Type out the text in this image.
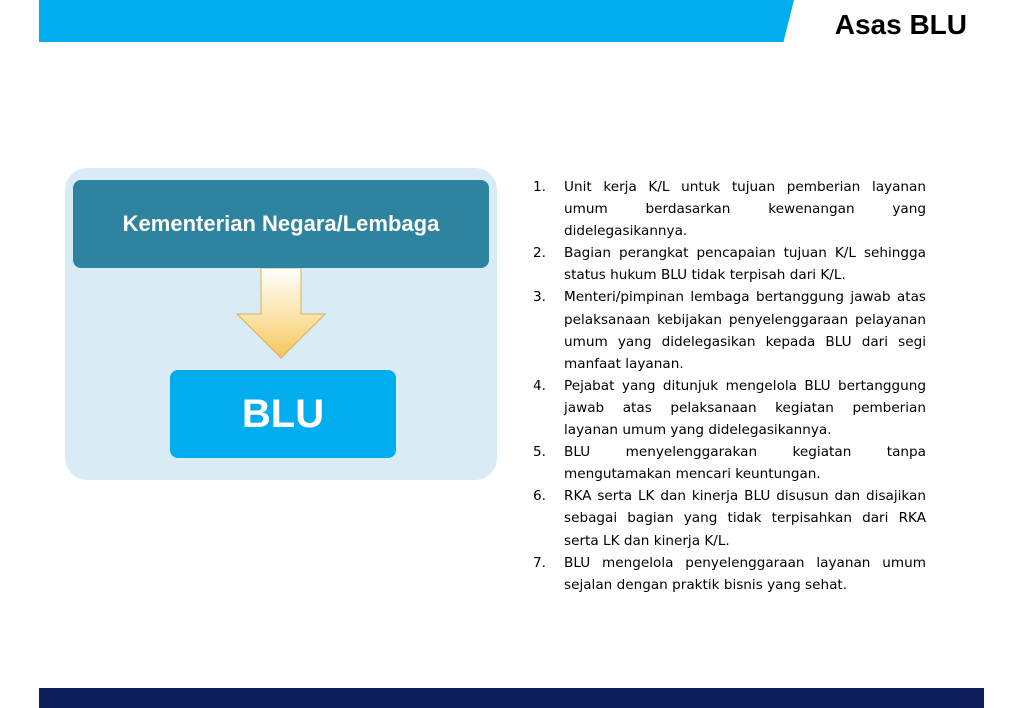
Asas BLU
Kementerian Negara/Lembaga
BLU
1. Unit kerja K/L untuk tujuan pemberian layanan umum berdasarkan kewenangan yang didelegasikannya.
2. Bagian perangkat pencapaian tujuan K/L sehingga status hukum BLU tidak terpisah dari K/L.
3. Menteri/pimpinan lembaga bertanggung jawab atas pelaksanaan kebijakan penyelenggaraan pelayanan umum yang didelegasikan kepada BLU dari segi manfaat layanan.
4. Pejabat yang ditunjuk mengelola BLU bertanggung jawab atas pelaksanaan kegiatan pemberian layanan umum yang didelegasikannya.
5. BLU menyelenggarakan kegiatan tanpa mengutamakan mencari keuntungan.
6. RKA serta LK dan kinerja BLU disusun dan disajikan sebagai bagian yang tidak terpisahkan dari RKA serta LK dan kinerja K/L.
7. BLU mengelola penyelenggaraan layanan umum sejalan dengan praktik bisnis yang sehat.
